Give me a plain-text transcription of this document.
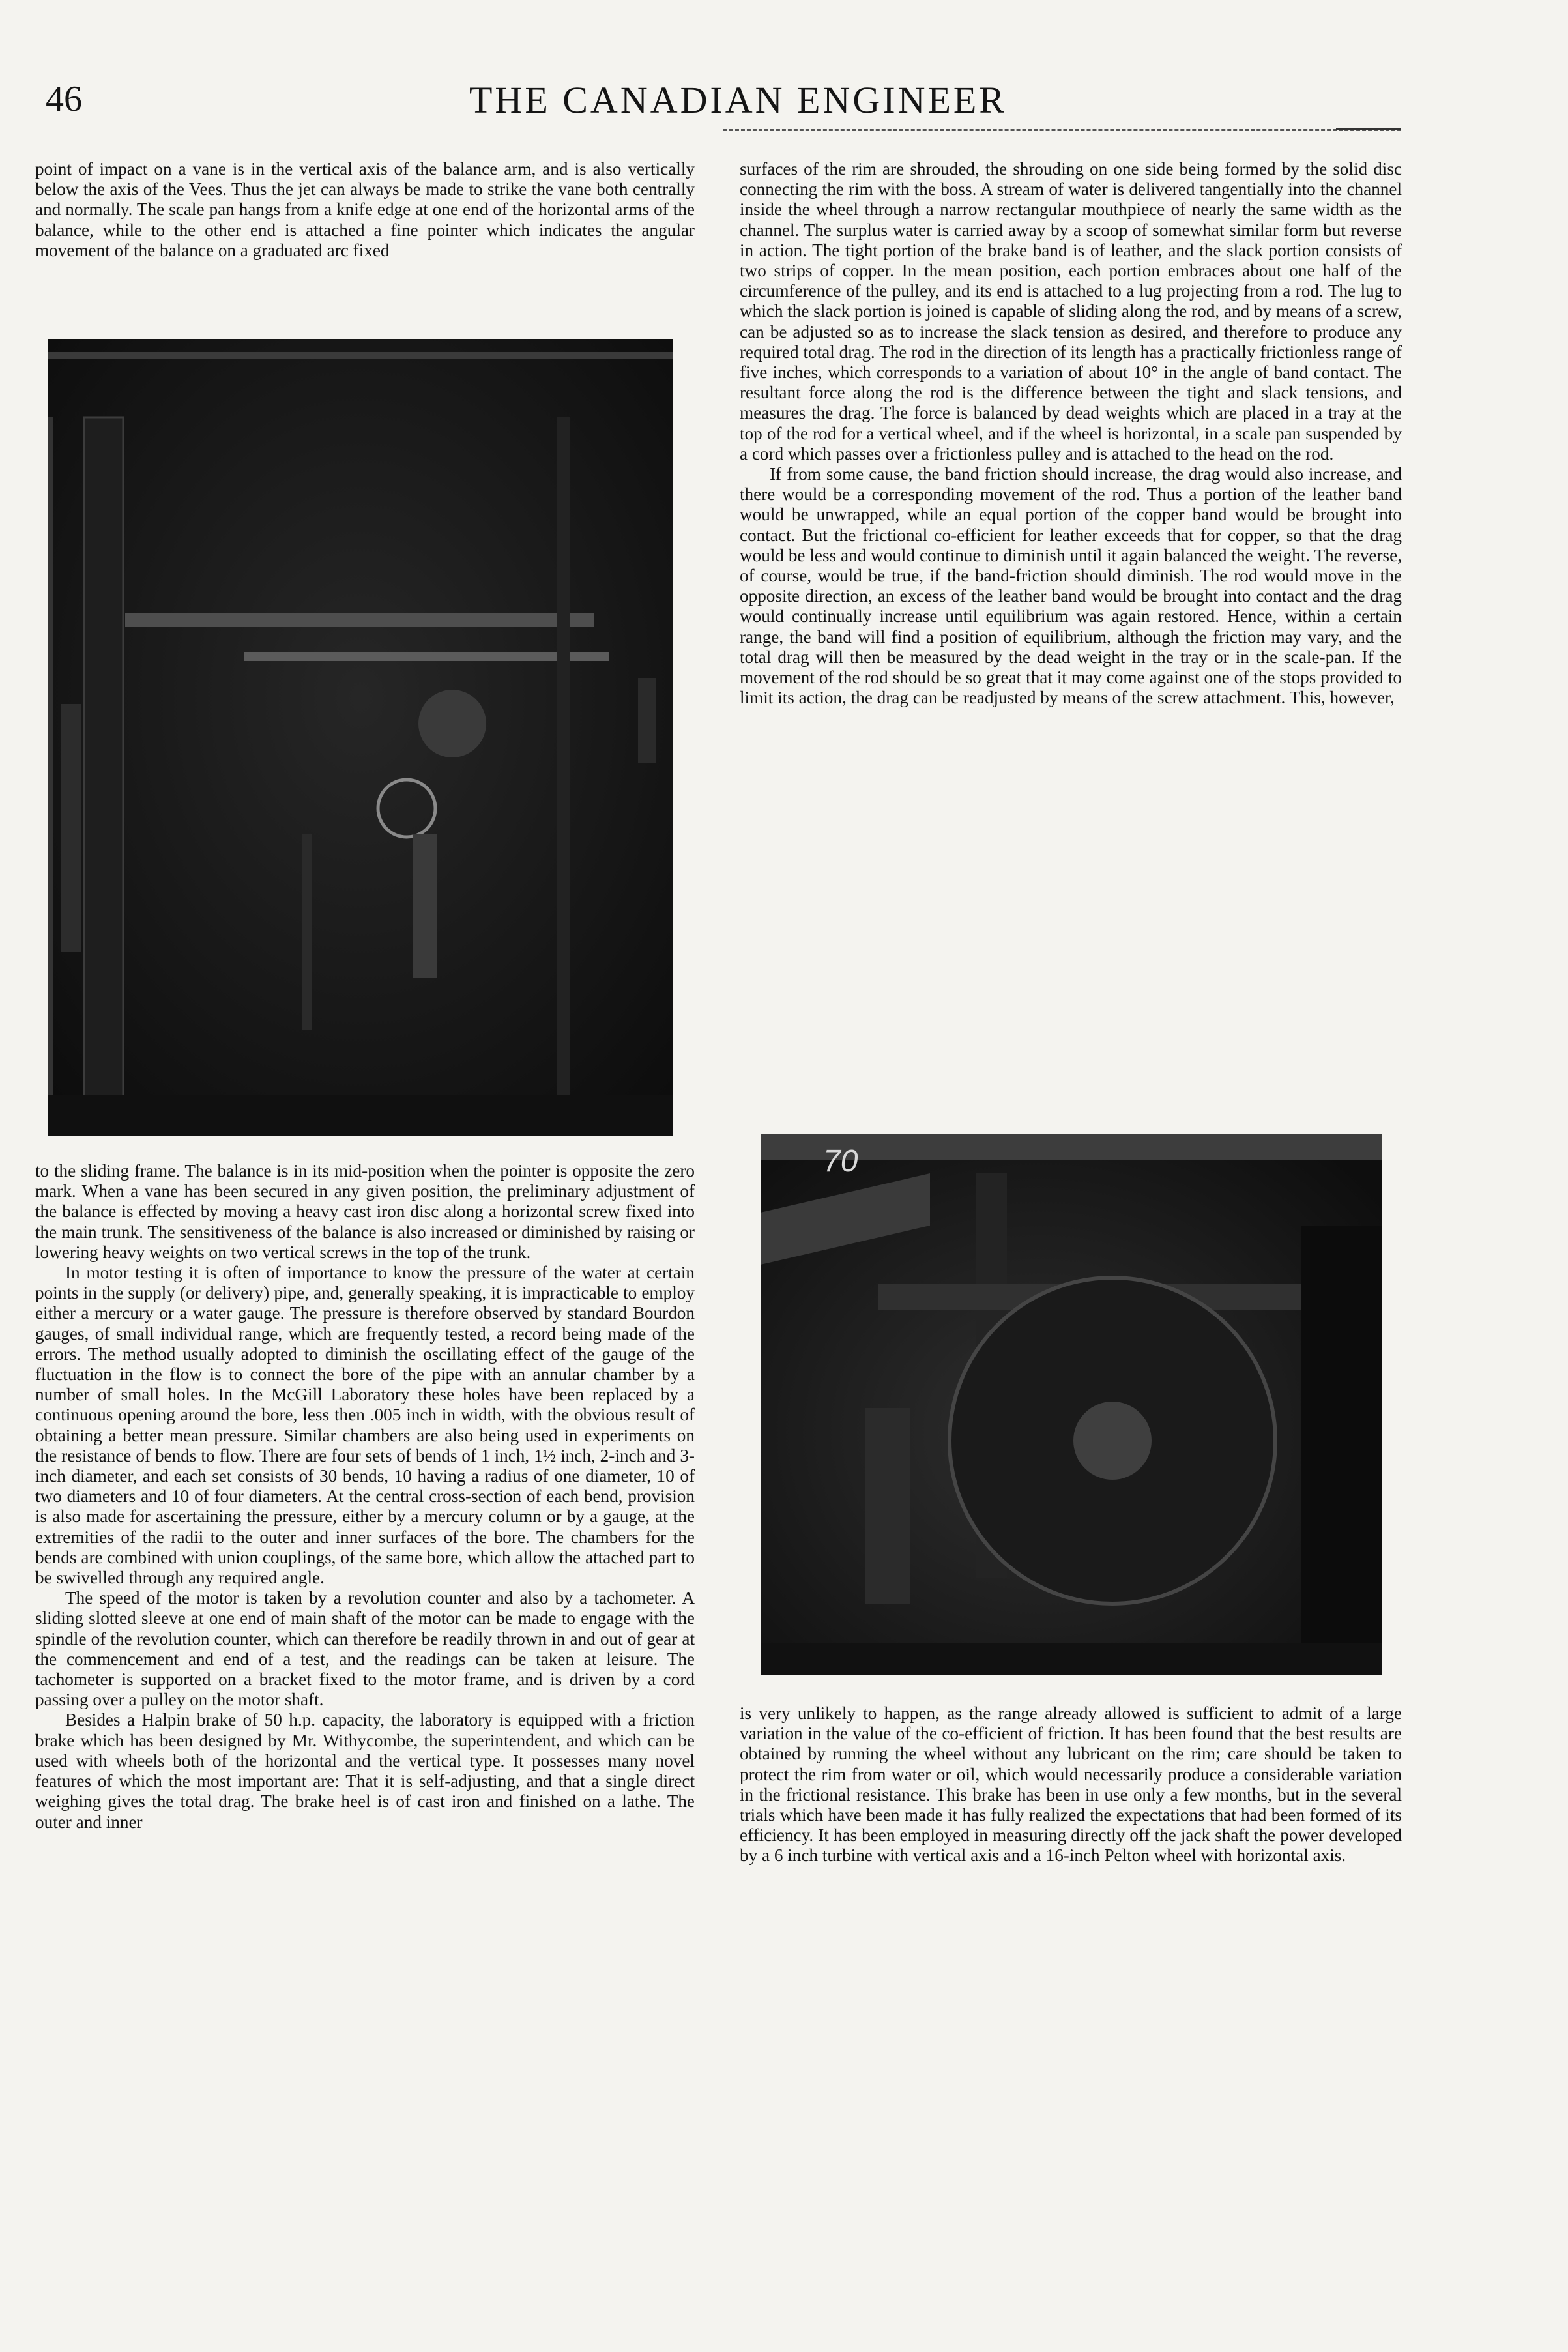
46	THE CANADIAN ENGINEER

point of impact on a vane is in the vertical axis of the balance arm, and is also vertically below the axis of the Vees. Thus the jet can always be made to strike the vane both centrally and normally. The scale pan hangs from a knife edge at one end of the horizontal arms of the balance, while to the other end is attached a fine pointer which indicates the angular movement of the balance on a graduated arc fixed

surfaces of the rim are shrouded, the shrouding on one side being formed by the solid disc connecting the rim with the boss. A stream of water is delivered tangentially into the channel inside the wheel through a narrow rectangular mouthpiece of nearly the same width as the channel. The surplus water is carried away by a scoop of somewhat similar form but reverse in action. The tight portion of the brake band is of leather, and the slack portion consists of two strips of copper. In the mean position, each portion embraces about one half of the circumference of the pulley, and its end is attached to a lug projecting from a rod. The lug to which the slack portion is joined is capable of sliding along the rod, and by means of a screw, can be adjusted so as to increase the slack tension as desired, and therefore to produce any required total drag. The rod in the direction of its length has a practically frictionless range of five inches, which corresponds to a variation of about 10° in the angle of band contact. The resultant force along the rod is the difference between the tight and slack tensions, and measures the drag. The force is balanced by dead weights which are placed in a tray at the top of the rod for a vertical wheel, and if the wheel is horizontal, in a scale pan suspended by a cord which passes over a frictionless pulley and is attached to the head on the rod.

If from some cause, the band friction should increase, the drag would also increase, and there would be a corresponding movement of the rod. Thus a portion of the leather band would be unwrapped, while an equal portion of the copper band would be brought into contact. But the frictional co-efficient for leather exceeds that for copper, so that the drag would be less and would continue to diminish until it again balanced the weight. The reverse, of course, would be true, if the band-friction should diminish. The rod would move in the opposite direction, an excess of the leather band would be brought into contact and the drag would continually increase until equilibrium was again restored. Hence, within a certain range, the band will find a position of equilibrium, although the friction may vary, and the total drag will then be measured by the dead weight in the tray or in the scale-pan. If the movement of the rod should be so great that it may come against one of the stops provided to limit its action, the drag can be readjusted by means of the screw attachment. This, however,

70

to the sliding frame. The balance is in its mid-position when the pointer is opposite the zero mark. When a vane has been secured in any given position, the preliminary adjustment of the balance is effected by moving a heavy cast iron disc along a horizontal screw fixed into the main trunk. The sensitiveness of the balance is also increased or diminished by raising or lowering heavy weights on two vertical screws in the top of the trunk.

In motor testing it is often of importance to know the pressure of the water at certain points in the supply (or delivery) pipe, and, generally speaking, it is impracticable to employ either a mercury or a water gauge. The pressure is therefore observed by standard Bourdon gauges, of small individual range, which are frequently tested, a record being made of the errors. The method usually adopted to diminish the oscillating effect of the gauge of the fluctuation in the flow is to connect the bore of the pipe with an annular chamber by a number of small holes. In the McGill Laboratory these holes have been replaced by a continuous opening around the bore, less then .005 inch in width, with the obvious result of obtaining a better mean pressure. Similar chambers are also being used in experiments on the resistance of bends to flow. There are four sets of bends of 1 inch, 1½ inch, 2-inch and 3-inch diameter, and each set consists of 30 bends, 10 having a radius of one diameter, 10 of two diameters and 10 of four diameters. At the central cross-section of each bend, provision is also made for ascertaining the pressure, either by a mercury column or by a gauge, at the extremities of the radii to the outer and inner surfaces of the bore. The chambers for the bends are combined with union couplings, of the same bore, which allow the attached part to be swivelled through any required angle.

The speed of the motor is taken by a revolution counter and also by a tachometer. A sliding slotted sleeve at one end of main shaft of the motor can be made to engage with the spindle of the revolution counter, which can therefore be readily thrown in and out of gear at the commencement and end of a test, and the readings can be taken at leisure. The tachometer is supported on a bracket fixed to the motor frame, and is driven by a cord passing over a pulley on the motor shaft.

Besides a Halpin brake of 50 h.p. capacity, the laboratory is equipped with a friction brake which has been designed by Mr. Withycombe, the superintendent, and which can be used with wheels both of the horizontal and the vertical type. It possesses many novel features of which the most important are: That it is self-adjusting, and that a single direct weighing gives the total drag. The brake heel is of cast iron and finished on a lathe. The outer and inner

is very unlikely to happen, as the range already allowed is sufficient to admit of a large variation in the value of the co-efficient of friction. It has been found that the best results are obtained by running the wheel without any lubricant on the rim; care should be taken to protect the rim from water or oil, which would necessarily produce a considerable variation in the frictional resistance. This brake has been in use only a few months, but in the several trials which have been made it has fully realized the expectations that had been formed of its efficiency. It has been employed in measuring directly off the jack shaft the power developed by a 6 inch turbine with vertical axis and a 16-inch Pelton wheel with horizontal axis.
